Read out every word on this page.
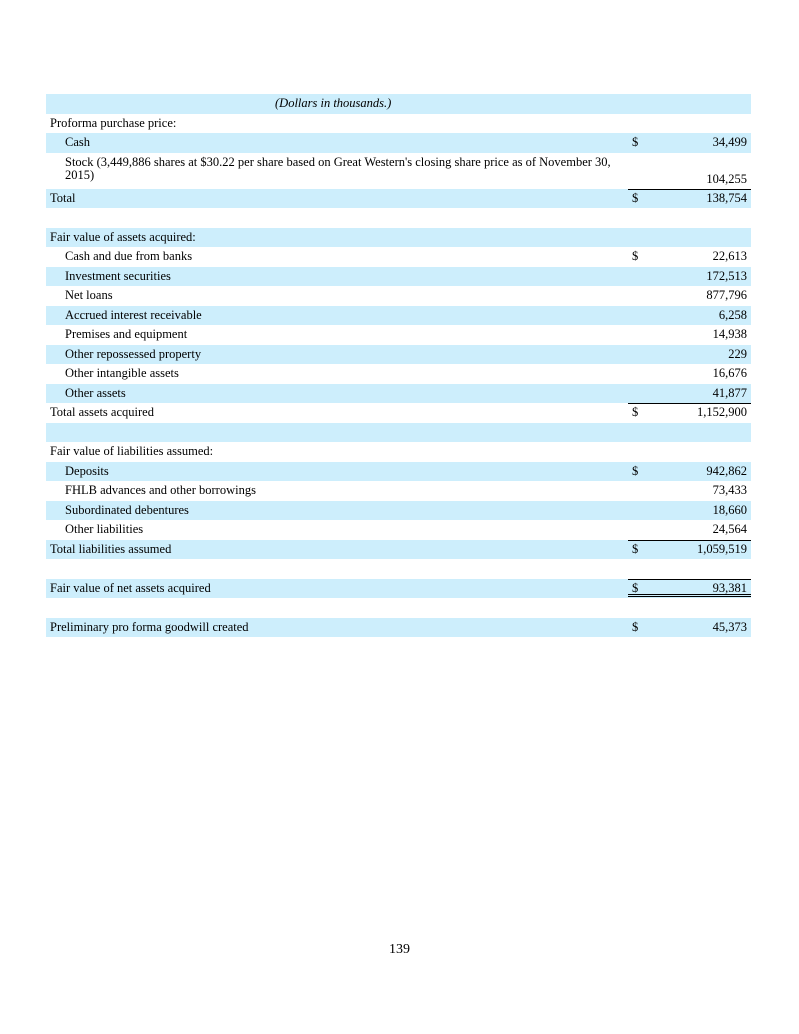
(Dollars in thousands.)
Proforma purchase price:
Cash	$	34,499
Stock (3,449,886 shares at $30.22 per share based on Great Western's closing share price as of November 30, 2015)	104,255
Total	$	138,754
Fair value of assets acquired:
Cash and due from banks	$	22,613
Investment securities	172,513
Net loans	877,796
Accrued interest receivable	6,258
Premises and equipment	14,938
Other repossessed property	229
Other intangible assets	16,676
Other assets	41,877
Total assets acquired	$	1,152,900
Fair value of liabilities assumed:
Deposits	$	942,862
FHLB advances and other borrowings	73,433
Subordinated debentures	18,660
Other liabilities	24,564
Total liabilities assumed	$	1,059,519
Fair value of net assets acquired	$	93,381
Preliminary pro forma goodwill created	$	45,373
139
